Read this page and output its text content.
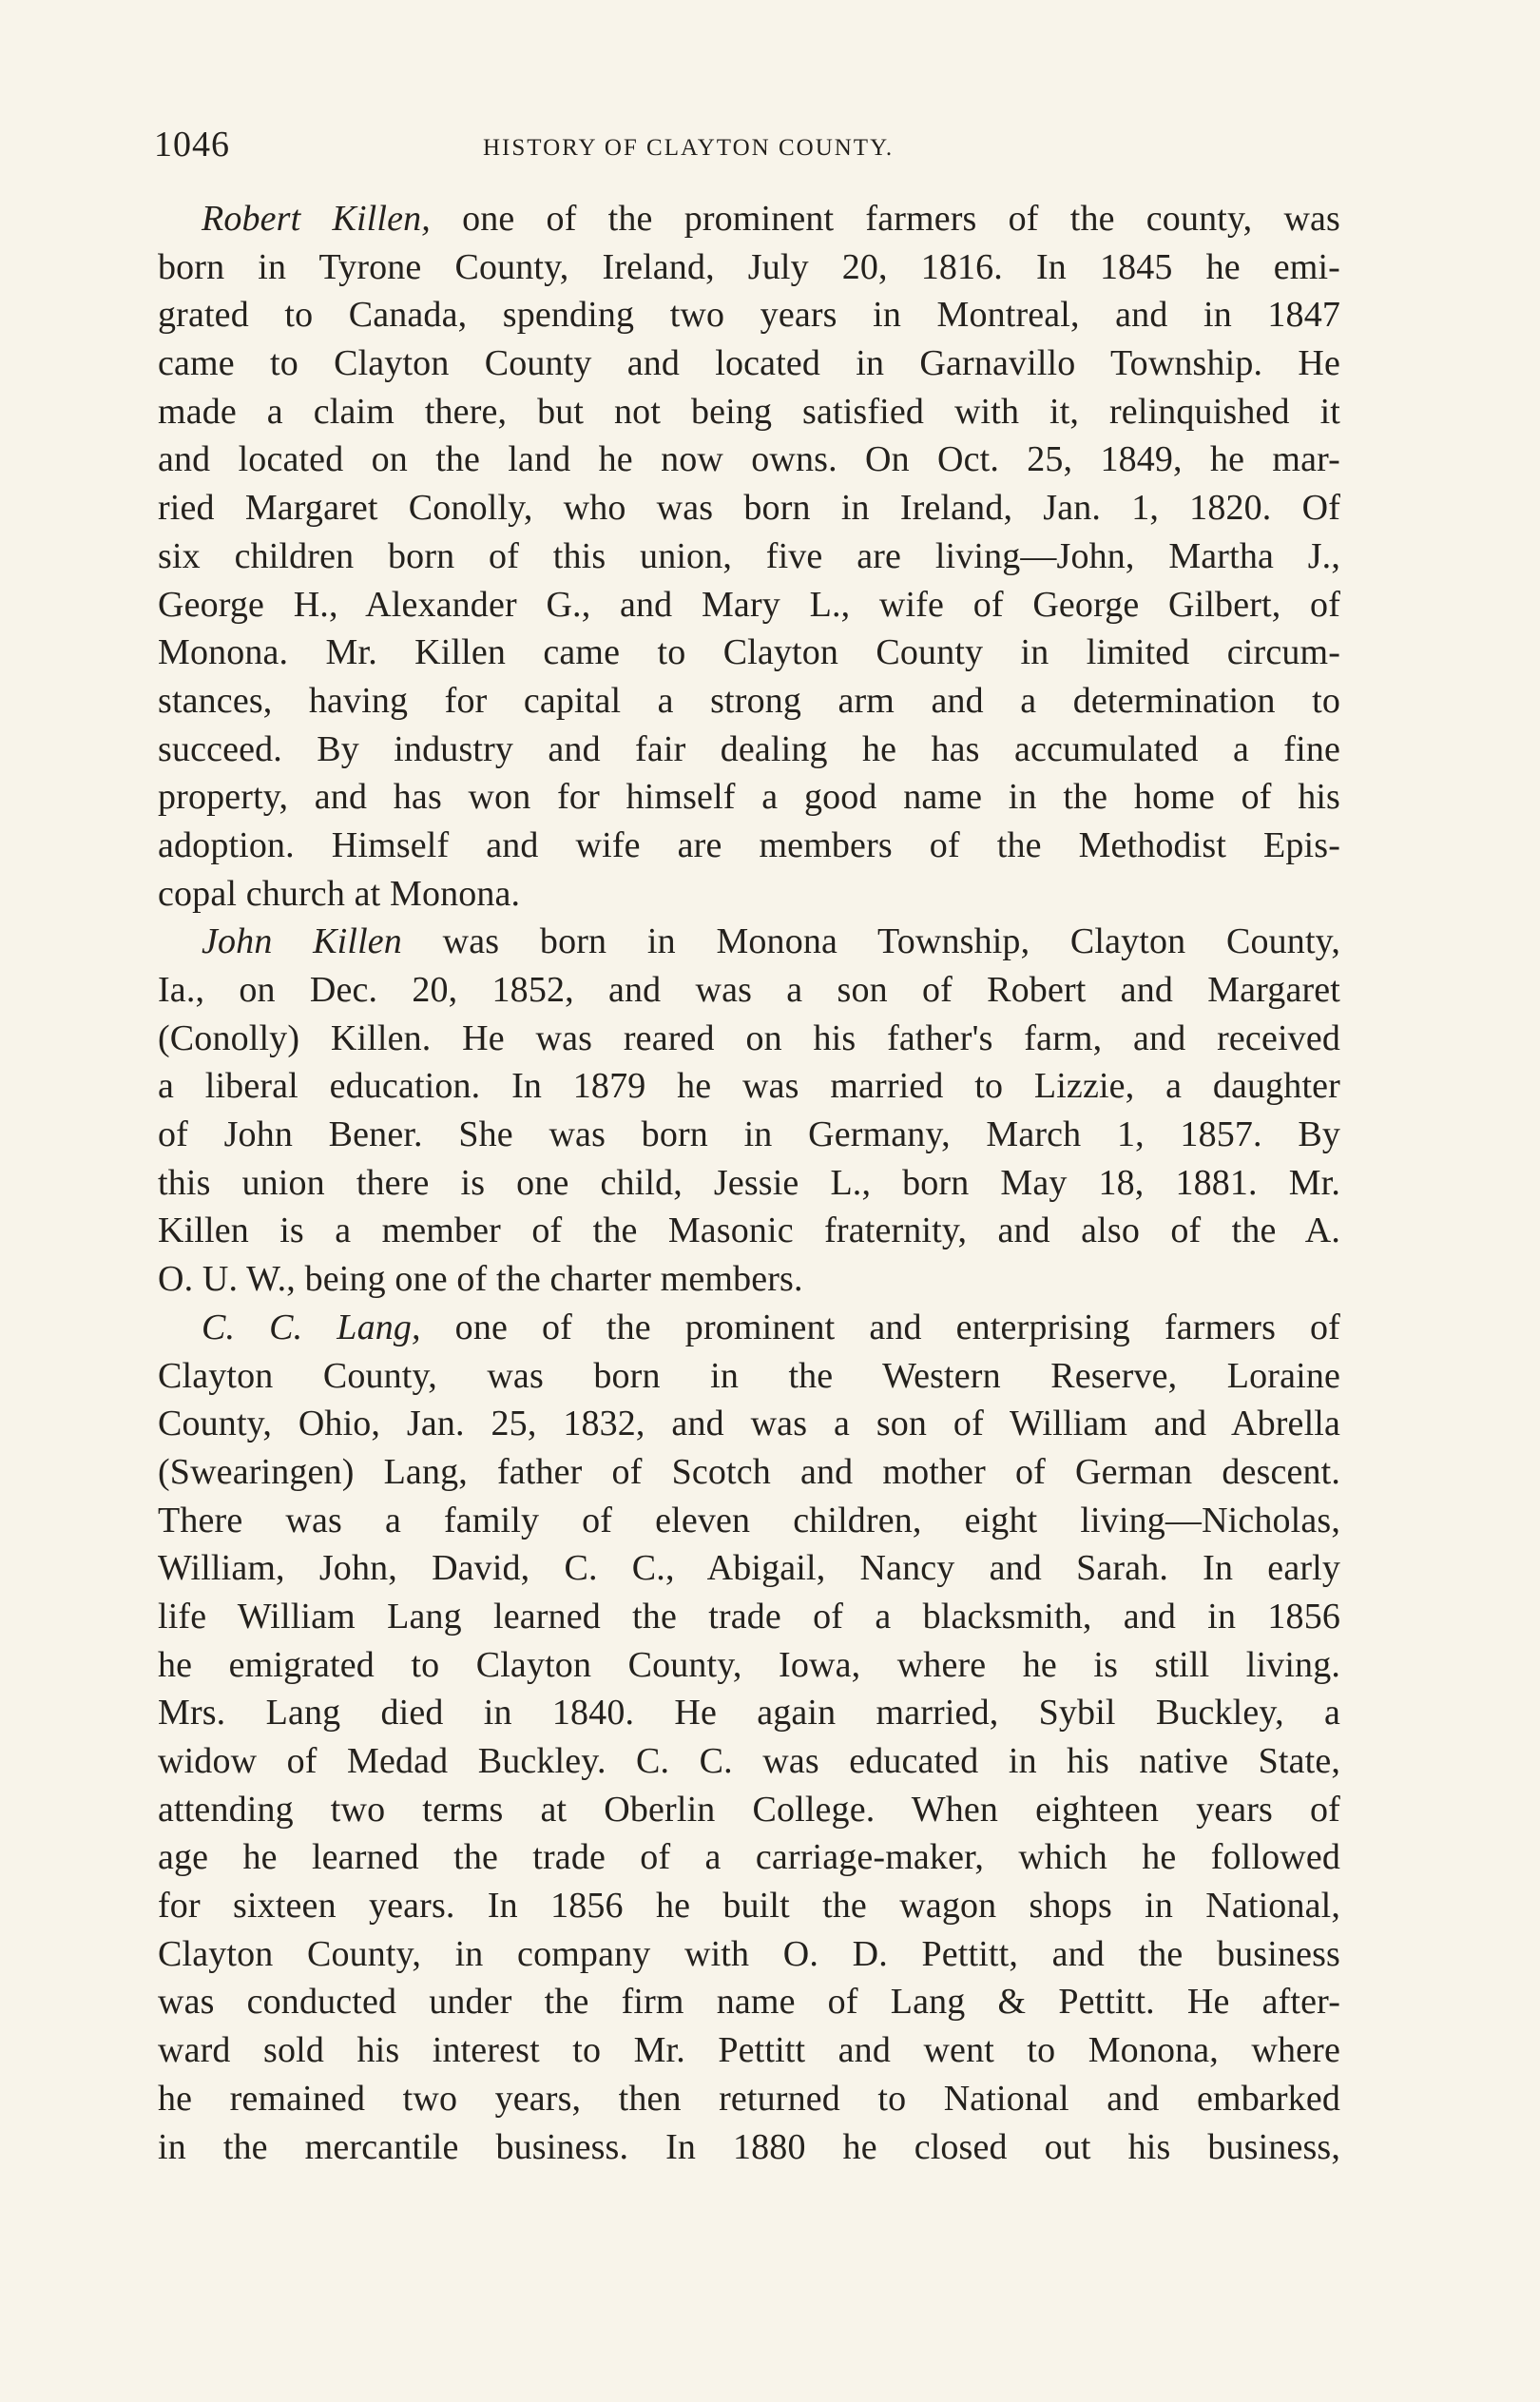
1046	HISTORY OF CLAYTON COUNTY.
Robert Killen, one of the prominent farmers of the county, was
born in Tyrone County, Ireland, July 20, 1816. In 1845 he emi-
grated to Canada, spending two years in Montreal, and in 1847
came to Clayton County and located in Garnavillo Township. He
made a claim there, but not being satisfied with it, relinquished it
and located on the land he now owns. On Oct. 25, 1849, he mar-
ried Margaret Conolly, who was born in Ireland, Jan. 1, 1820. Of
six children born of this union, five are living—John, Martha J.,
George H., Alexander G., and Mary L., wife of George Gilbert, of
Monona. Mr. Killen came to Clayton County in limited circum-
stances, having for capital a strong arm and a determination to
succeed. By industry and fair dealing he has accumulated a fine
property, and has won for himself a good name in the home of his
adoption. Himself and wife are members of the Methodist Epis-
copal church at Monona.
John Killen was born in Monona Township, Clayton County,
Ia., on Dec. 20, 1852, and was a son of Robert and Margaret
(Conolly) Killen. He was reared on his father's farm, and received
a liberal education. In 1879 he was married to Lizzie, a daughter
of John Bener. She was born in Germany, March 1, 1857. By
this union there is one child, Jessie L., born May 18, 1881. Mr.
Killen is a member of the Masonic fraternity, and also of the A.
O. U. W., being one of the charter members.
C. C. Lang, one of the prominent and enterprising farmers of
Clayton County, was born in the Western Reserve, Loraine
County, Ohio, Jan. 25, 1832, and was a son of William and Abrella
(Swearingen) Lang, father of Scotch and mother of German descent.
There was a family of eleven children, eight living—Nicholas,
William, John, David, C. C., Abigail, Nancy and Sarah. In early
life William Lang learned the trade of a blacksmith, and in 1856
he emigrated to Clayton County, Iowa, where he is still living.
Mrs. Lang died in 1840. He again married, Sybil Buckley, a
widow of Medad Buckley. C. C. was educated in his native State,
attending two terms at Oberlin College. When eighteen years of
age he learned the trade of a carriage-maker, which he followed
for sixteen years. In 1856 he built the wagon shops in National,
Clayton County, in company with O. D. Pettitt, and the business
was conducted under the firm name of Lang & Pettitt. He after-
ward sold his interest to Mr. Pettitt and went to Monona, where
he remained two years, then returned to National and embarked
in the mercantile business. In 1880 he closed out his business,
